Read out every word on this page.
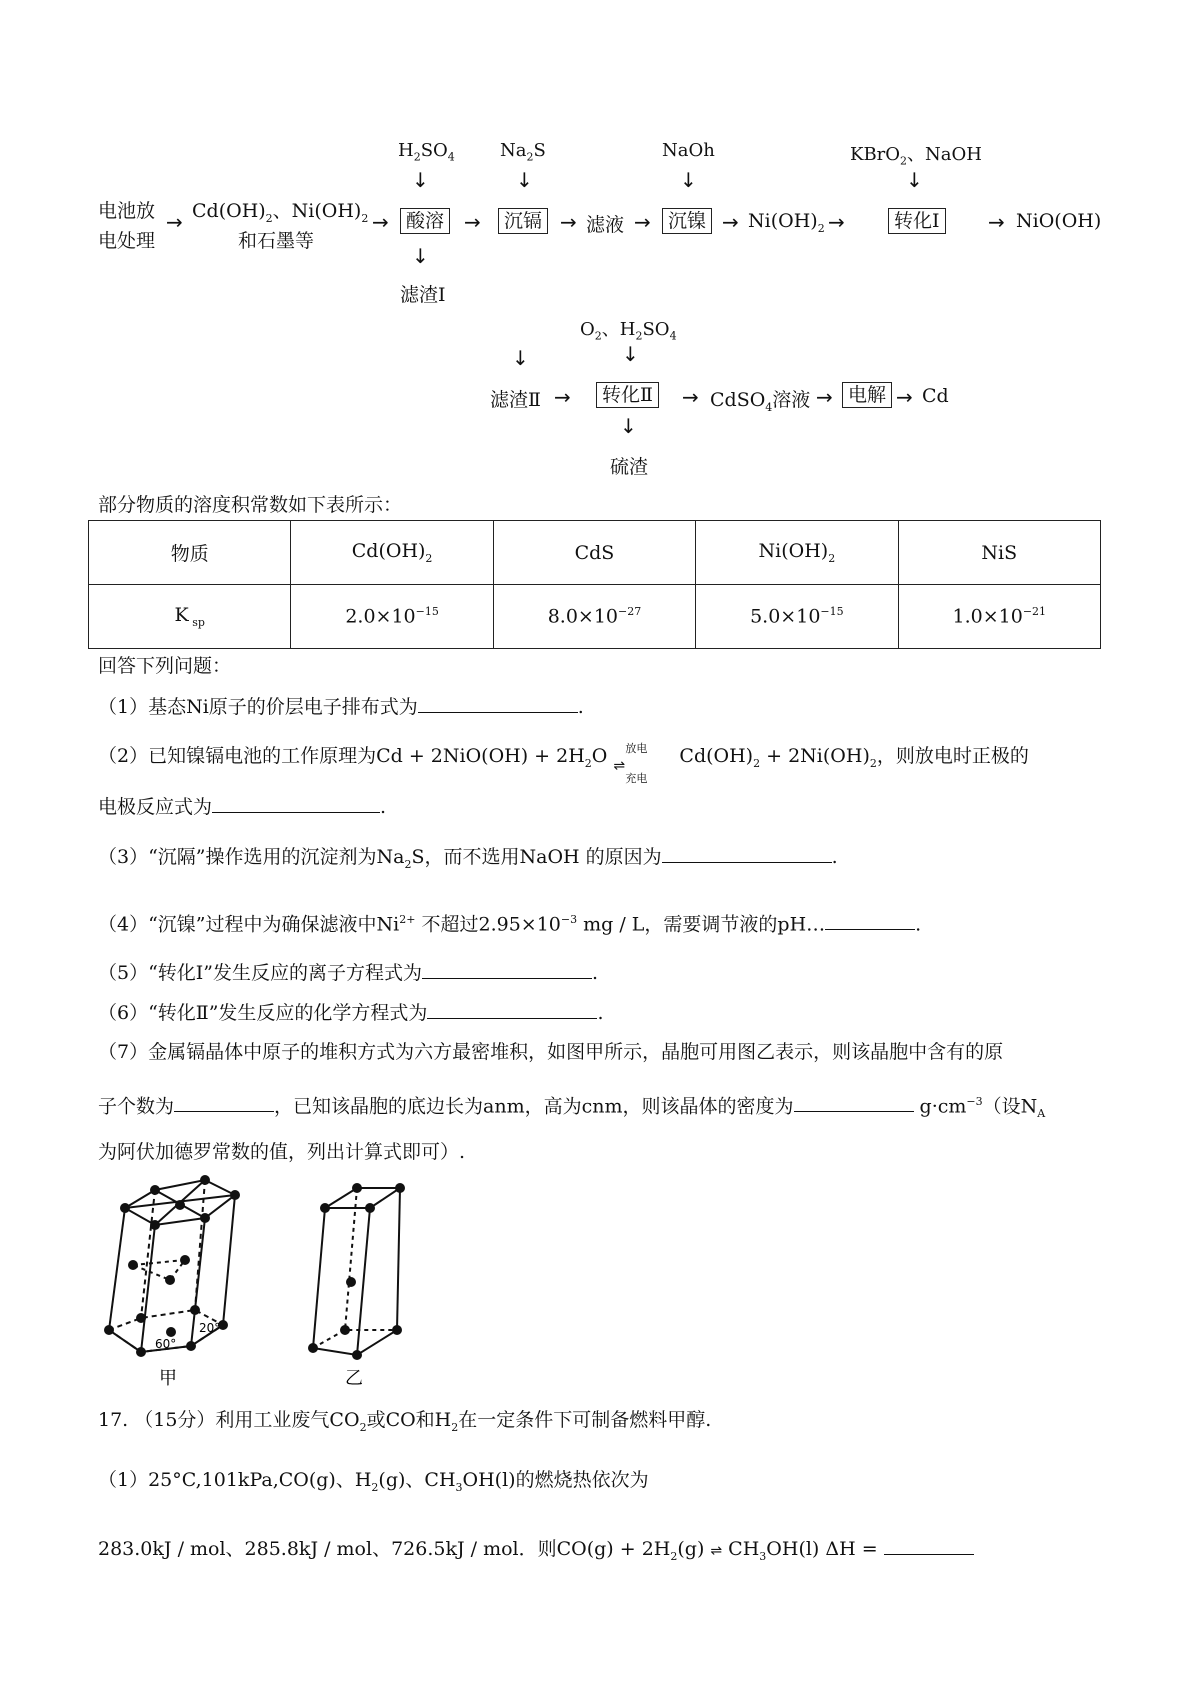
$H_2SO_4$	$Na_2S$	NaOh	KBrO$_2$、NaOH
↓	↓	↓	↓
电池放
电处理
→ $Cd(OH)_2$、$Ni(OH)_2$
和石墨等
→ 酸溶 →	沉镉 → 滤液 → 沉镍 → $Ni(OH)_2$ →	转化Ⅰ	→ NiO(OH)
↓
滤渣Ⅰ
$O_2$、$H_2SO_4$
↓	↓
滤渣Ⅱ →	转化Ⅱ	→ CdSO$_4$溶液 → 电解 → Cd
↓
硫渣
部分物质的溶度积常数如下表所示：
物质	$Cd(OH)_2$	CdS	$Ni(OH)_2$	NiS
K $_{sp}$	$2.0\times 10^{-15}$	$8.0\times 10^{-27}$	$5.0\times 10^{-15}$	$1.0\times 10^{-21}$
回答下列问题：
（1）基态Ni原子的价层电子排布式为	.
（2）已知镍镉电池的工作原理为$Cd + 2NiO(OH) + 2H_2O$ 放电
⇌
充电
$Cd(OH)_2 + 2Ni(OH)_2$，则放电时正极的
电极反应式为	.
（3）“沉隔”操作选用的沉淀剂为$Na_2S$，而不选用NaOH 的原因为	.
（4）“沉镍”过程中为确保滤液中$Ni^{2+}$ 不超过$2.95\times 10^{-3}$ mg / L，需要调节液的pH…	.
（5）“转化Ⅰ”发生反应的离子方程式为	.
（6）“转化Ⅱ”发生反应的化学方程式为	.
（7）金属镉晶体中原子的堆积方式为六方最密堆积，如图甲所示，晶胞可用图乙表示，则该晶胞中含有的原
子个数为	，已知该晶胞的底边长为anm，高为cnm，则该晶体的密度为	$g\cdot cm^{-3}$（设$N_A$
为阿伏加德罗常数的值，列出计算式即可）.
60°
20°
甲	乙
17. （15分）利用工业废气$CO_2$或CO和$H_2$在一定条件下可制备燃料甲醇.
（1）25°C,101kPa,CO(g)、$H_2(g)$、$CH_3OH(l)$的燃烧热依次为
283.0kJ / mol、285.8kJ / mol、726.5kJ / mol．则$CO(g) + 2H_2(g)$ ⇌ $CH_3OH(l) \Delta H$ =
